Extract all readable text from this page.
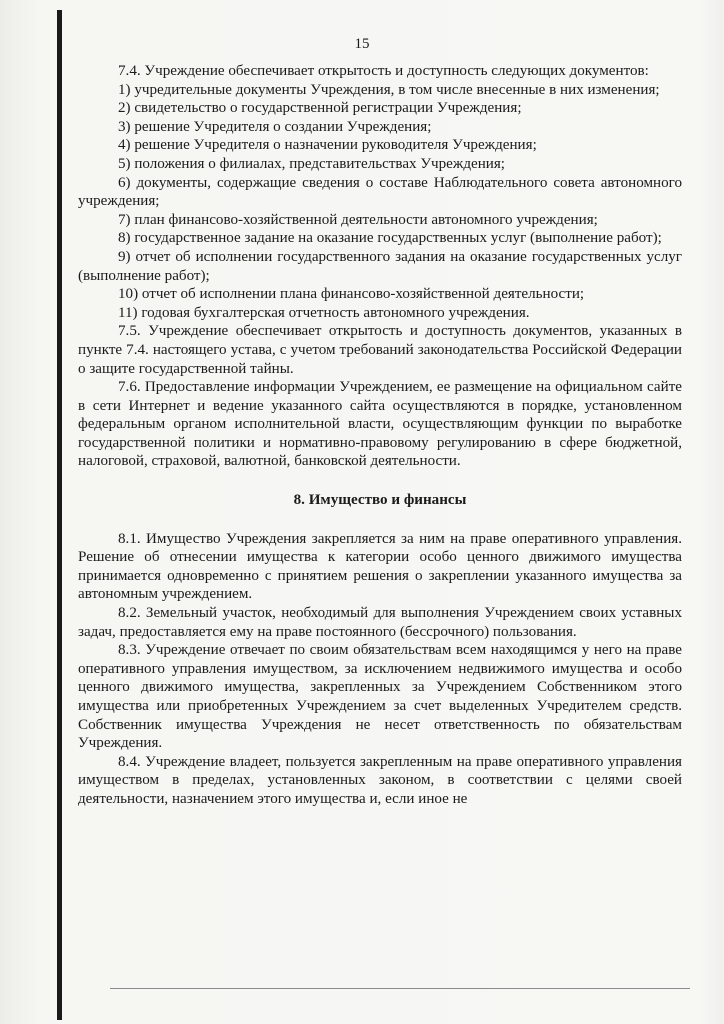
15

7.4. Учреждение обеспечивает открытость и доступность следующих документов:

1) учредительные документы Учреждения, в том числе внесенные в них изменения;

2) свидетельство о государственной регистрации Учреждения;

3) решение Учредителя о создании Учреждения;

4) решение Учредителя о назначении руководителя Учреждения;

5) положения о филиалах, представительствах Учреждения;

6) документы, содержащие сведения о составе Наблюдательного совета автономного учреждения;

7) план финансово-хозяйственной деятельности автономного учреждения;

8) государственное задание на оказание государственных услуг (выполнение работ);

9) отчет об исполнении государственного задания на оказание государственных услуг (выполнение работ);

10) отчет об исполнении плана финансово-хозяйственной деятельности;

11) годовая бухгалтерская отчетность автономного учреждения.

7.5. Учреждение обеспечивает открытость и доступность документов, указанных в пункте 7.4. настоящего устава, с учетом требований законодательства Российской Федерации о защите государственной тайны.

7.6. Предоставление информации Учреждением, ее размещение на официальном сайте в сети Интернет и ведение указанного сайта осуществляются в порядке, установленном федеральным органом исполнительной власти, осуществляющим функции по выработке государственной политики и нормативно-правовому регулированию в сфере бюджетной, налоговой, страховой, валютной, банковской деятельности.

8. Имущество и финансы

8.1. Имущество Учреждения закрепляется за ним на праве оперативного управления. Решение об отнесении имущества к категории особо ценного движимого имущества принимается одновременно с принятием решения о закреплении указанного имущества за автономным учреждением.

8.2. Земельный участок, необходимый для выполнения Учреждением своих уставных задач, предоставляется ему на праве постоянного (бессрочного) пользования.

8.3. Учреждение отвечает по своим обязательствам всем находящимся у него на праве оперативного управления имуществом, за исключением недвижимого имущества и особо ценного движимого имущества, закрепленных за Учреждением Собственником этого имущества или приобретенных Учреждением за счет выделенных Учредителем средств. Собственник имущества Учреждения не несет ответственность по обязательствам Учреждения.

8.4. Учреждение владеет, пользуется закрепленным на праве оперативного управления имуществом в пределах, установленных законом, в соответствии с целями своей деятельности, назначением этого имущества и, если иное не
